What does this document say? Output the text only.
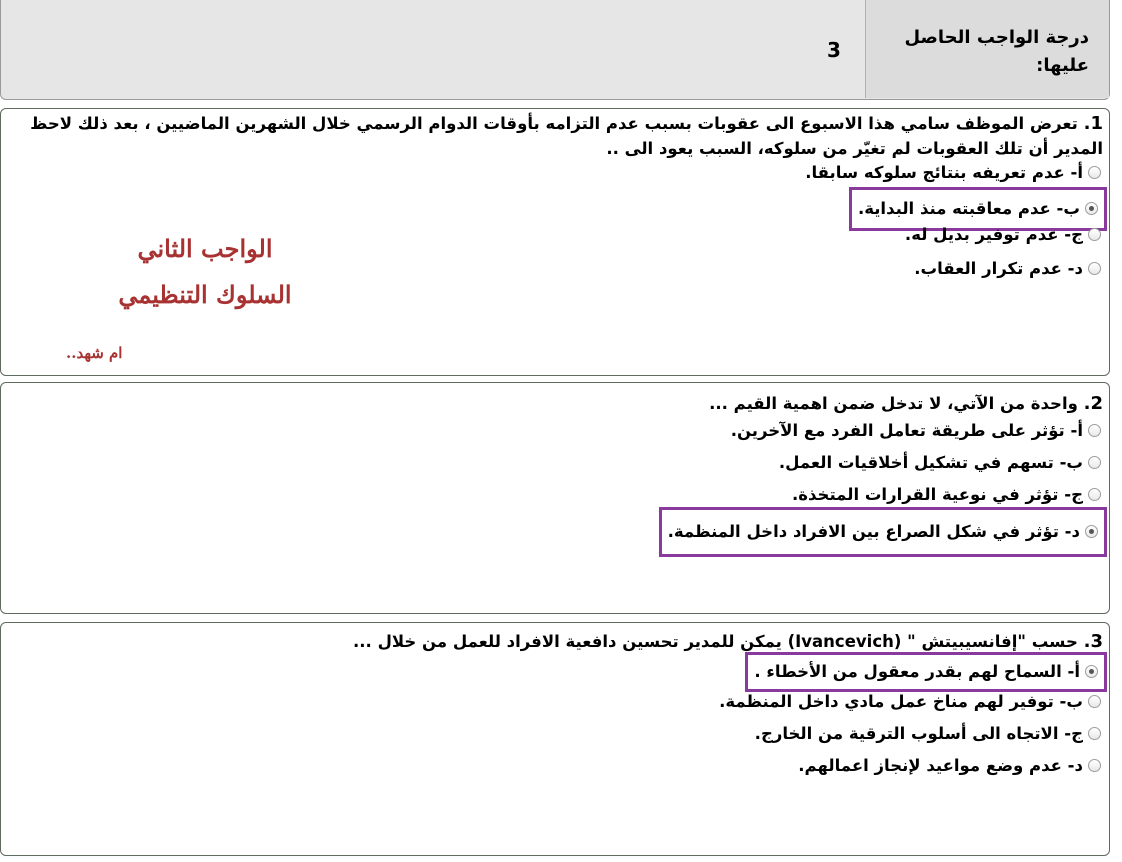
درجة الواجب الحاصل عليها:
3
1. تعرض الموظف سامي هذا الاسبوع الى عقوبات بسبب عدم التزامه بأوقات الدوام الرسمي خلال الشهرين الماضيين ، بعد ذلك لاحظ المدير أن تلك العقوبات لم تغيّر من سلوكه، السبب يعود الى ..
أ- عدم تعريفه بنتائج سلوكه سابقا.
ب- عدم معاقبته منذ البداية.
ج- عدم توفير بديل له.
د- عدم تكرار العقاب.
الواجب الثاني
السلوك التنظيمي
ام شهد..
2. واحدة من الآتي، لا تدخل ضمن اهمية القيم ...
أ- تؤثر على طريقة تعامل الفرد مع الآخرين.
ب- تسهم في تشكيل أخلاقيات العمل.
ج- تؤثر في نوعية القرارات المتخذة.
د- تؤثر في شكل الصراع بين الافراد داخل المنظمة.
3. حسب "إفانسيبيتش " (Ivancevich) يمكن للمدير تحسين دافعية الافراد للعمل من خلال ...
أ- السماح لهم بقدر معقول من الأخطاء .
ب- توفير لهم مناخ عمل مادي داخل المنظمة.
ج- الاتجاه الى أسلوب الترقية من الخارج.
د- عدم وضع مواعيد لإنجاز اعمالهم.
